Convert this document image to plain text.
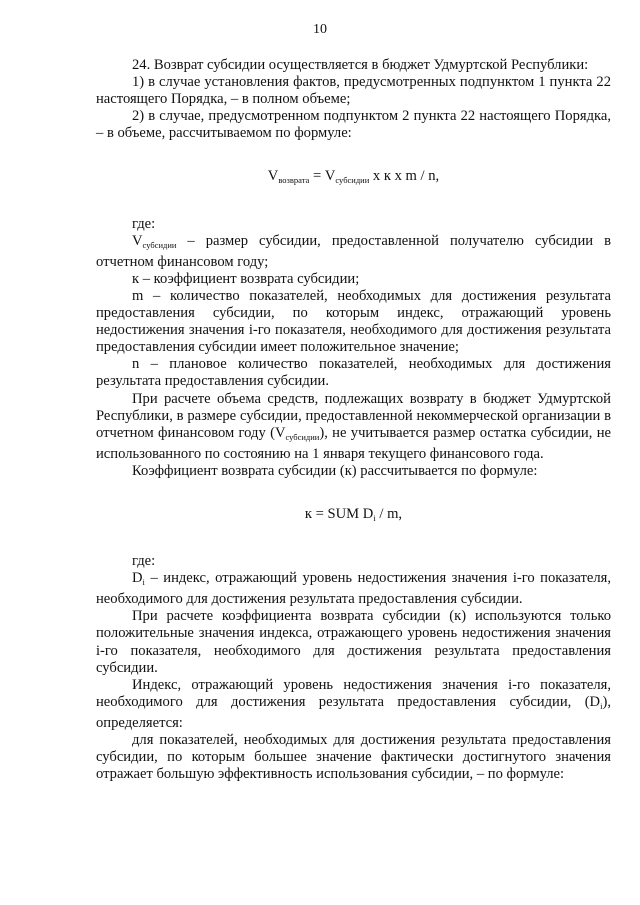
10

24. Возврат субсидии осуществляется в бюджет Удмуртской Республики:

1) в случае установления фактов, предусмотренных подпунктом 1 пункта 22 настоящего Порядка, – в полном объеме;

2) в случае, предусмотренном подпунктом 2 пункта 22 настоящего Порядка, – в объеме, рассчитываемом по формуле:

$V_{возврата} = V_{субсидии}$ x к x m / n,

где:

$V_{субсидии}$ – размер субсидии, предоставленной получателю субсидии в отчетном финансовом году;

к – коэффициент возврата субсидии;

m – количество показателей, необходимых для достижения результата предоставления субсидии, по которым индекс, отражающий уровень недостижения значения i-го показателя, необходимого для достижения результата предоставления субсидии имеет положительное значение;

n – плановое количество показателей, необходимых для достижения результата предоставления субсидии.

При расчете объема средств, подлежащих возврату в бюджет Удмуртской Республики, в размере субсидии, предоставленной некоммерческой организации в отчетном финансовом году $(V_{субсидии})$, не учитывается размер остатка субсидии, не использованного по состоянию на 1 января текущего финансового года.

Коэффициент возврата субсидии (к) рассчитывается по формуле:

к = SUM $D_i$ / m,

где:

$D_i$ – индекс, отражающий уровень недостижения значения i-го показателя, необходимого для достижения результата предоставления субсидии.

При расчете коэффициента возврата субсидии (к) используются только положительные значения индекса, отражающего уровень недостижения значения i-го показателя, необходимого для достижения результата предоставления субсидии.

Индекс, отражающий уровень недостижения значения i-го показателя, необходимого для достижения результата предоставления субсидии, $(D_i)$, определяется:

для показателей, необходимых для достижения результата предоставления субсидии, по которым большее значение фактически достигнутого значения отражает большую эффективность использования субсидии, – по формуле:
